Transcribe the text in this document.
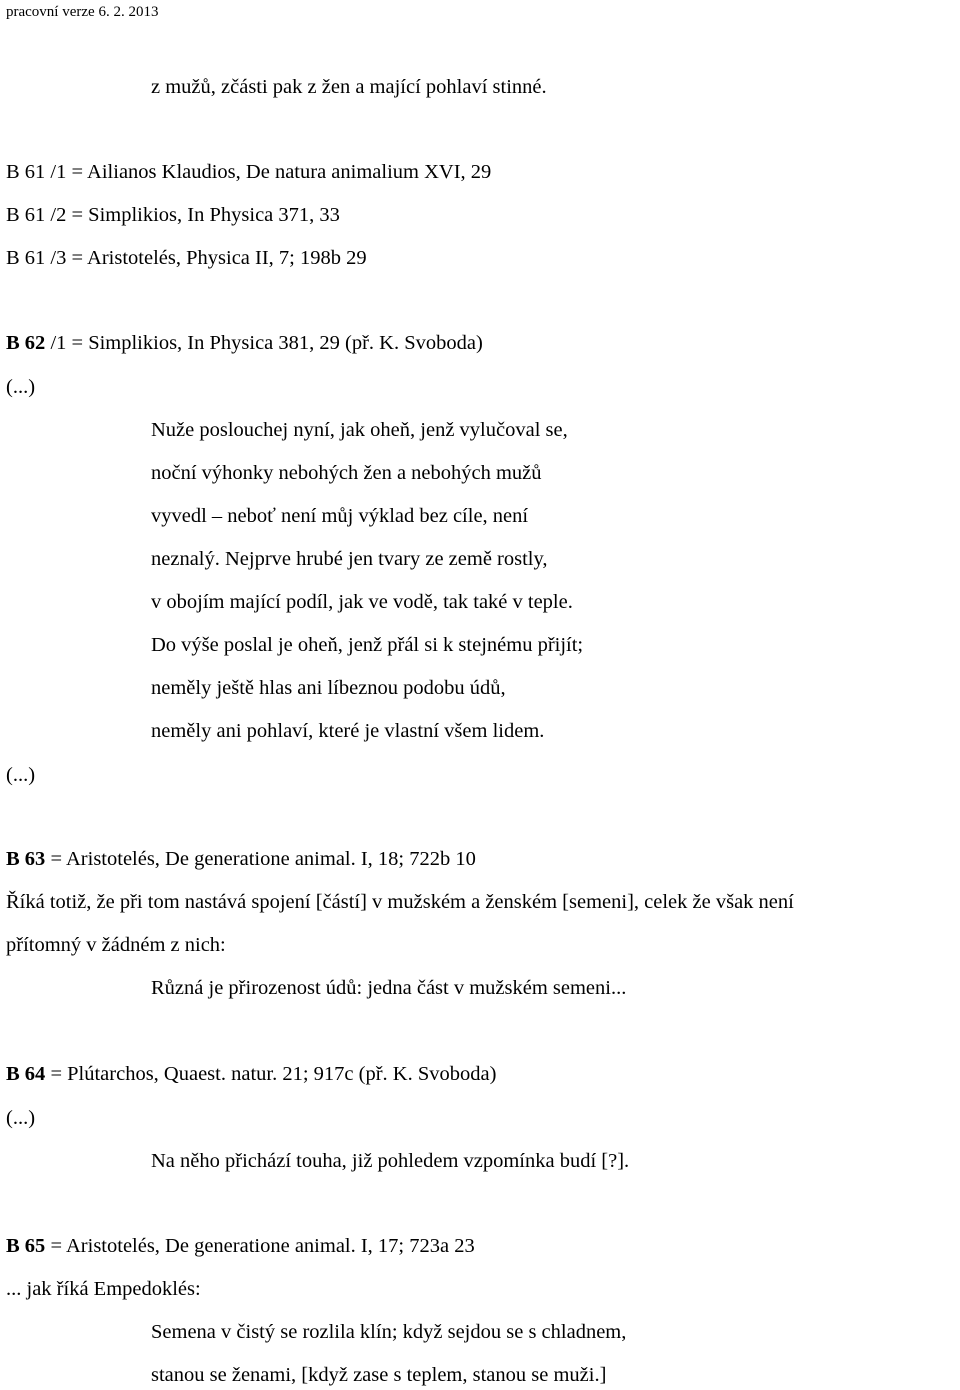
pracovní verze 6. 2. 2013
z mužů, zčásti pak z žen a mající pohlaví stinné.
B 61 /1 = Ailianos Klaudios, De natura animalium XVI, 29
B 61 /2 = Simplikios, In Physica 371, 33
B 61 /3 = Aristotelés, Physica II, 7; 198b 29
B 62 /1 = Simplikios, In Physica 381, 29 (př. K. Svoboda)
(...)
Nuže poslouchej nyní, jak oheň, jenž vylučoval se,
noční výhonky nebohých žen a nebohých mužů
vyvedl – neboť není můj výklad bez cíle, není
neznalý. Nejprve hrubé jen tvary ze země rostly,
v obojím mající podíl, jak ve vodě, tak také v teple.
Do výše poslal je oheň, jenž přál si k stejnému přijít;
neměly ještě hlas ani líbeznou podobu údů,
neměly ani pohlaví, které je vlastní všem lidem.
(...)
B 63 = Aristotelés, De generatione animal. I, 18; 722b 10
Říká totiž, že při tom nastává spojení [částí] v mužském a ženském [semeni], celek že však není
přítomný v žádném z nich:
Různá je přirozenost údů: jedna část v mužském semeni...
B 64 = Plútarchos, Quaest. natur. 21; 917c (př. K. Svoboda)
(...)
Na něho přichází touha, již pohledem vzpomínka budí [?].
B 65 = Aristotelés, De generatione animal. I, 17; 723a 23
... jak říká Empedoklés:
Semena v čistý se rozlila klín; když sejdou se s chladnem,
stanou se ženami, [když zase s teplem, stanou se muži.]
